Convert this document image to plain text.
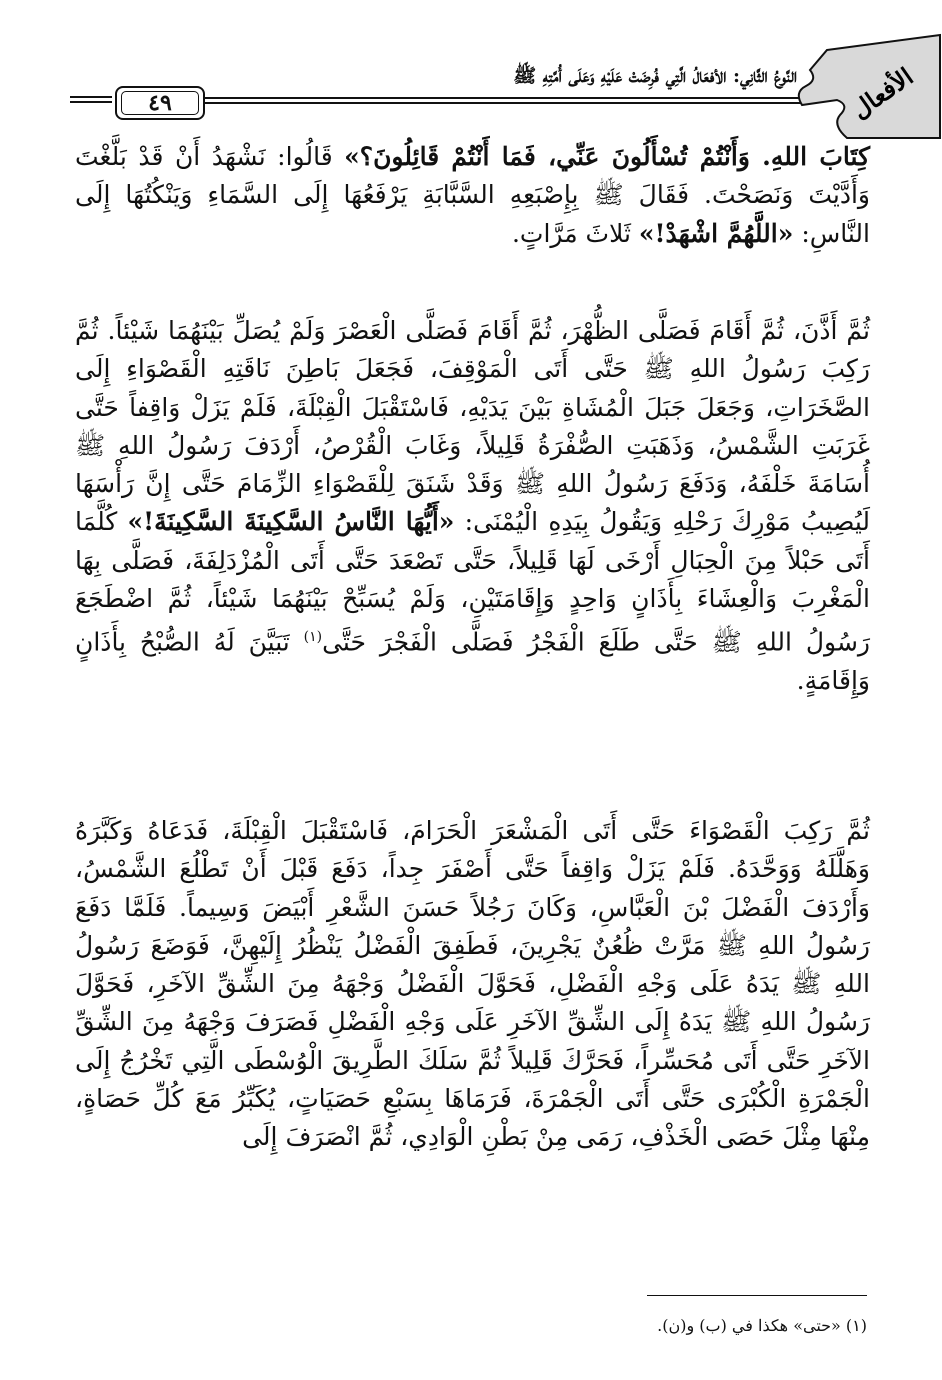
٤٩
النَّوعُ الثَّانِي: الأفعَالُ الَّتِي فُرِضَتْ عَلَيْهِ وَعَلَى أُمَّتِهِ ﷺ الأفعال

كِتَابَ اللهِ. وَأَنْتُمْ تُسْأَلُونَ عَنِّي، فَمَا أَنْتُمْ قَائِلُونَ؟» قَالُوا: نَشْهَدُ أَنْ قَدْ بَلَّغْتَ وَأَدَّيْتَ وَنَصَحْتَ. فَقَالَ ﷺ بِإِصْبَعِهِ السَّبَّابَةِ يَرْفَعُهَا إِلَى السَّمَاءِ وَيَنْكُتُهَا إِلَى النَّاسِ: «اللَّهُمَّ اشْهَدْ!» ثَلاثَ مَرَّاتٍ.

ثُمَّ أَذَّنَ، ثُمَّ أَقَامَ فَصَلَّى الظُّهْرَ، ثُمَّ أَقَامَ فَصَلَّى الْعَصْرَ وَلَمْ يُصَلِّ بَيْنَهُمَا شَيْئاً. ثُمَّ رَكِبَ رَسُولُ اللهِ ﷺ حَتَّى أَتَى الْمَوْقِفَ، فَجَعَلَ بَاطِنَ نَاقَتِهِ الْقَصْوَاءِ إِلَى الصَّخَرَاتِ، وَجَعَلَ جَبَلَ الْمُشَاةِ بَيْنَ يَدَيْهِ، فَاسْتَقْبَلَ الْقِبْلَةَ، فَلَمْ يَزَلْ وَاقِفاً حَتَّى غَرَبَتِ الشَّمْسُ، وَذَهَبَتِ الصُّفْرَةُ قَلِيلاً، وَغَابَ الْقُرْصُ، أَرْدَفَ رَسُولُ اللهِ ﷺ أُسَامَةَ خَلْفَهُ، وَدَفَعَ رَسُولُ اللهِ ﷺ وَقَدْ شَنَقَ لِلْقَصْوَاءِ الزِّمَامَ حَتَّى إِنَّ رَأْسَهَا لَيُصِيبُ مَوْرِكَ رَحْلِهِ وَيَقُولُ بِيَدِهِ الْيُمْنَى: «أَيُّهَا النَّاسُ السَّكِينَةَ السَّكِينَةَ!» كُلَّمَا أَتَى حَبْلاً مِنَ الْحِبَالِ أَرْخَى لَهَا قَلِيلاً، حَتَّى تَصْعَدَ حَتَّى أَتَى الْمُزْدَلِفَةَ، فَصَلَّى بِهَا الْمَغْرِبَ وَالْعِشَاءَ بِأَذَانٍ وَاحِدٍ وَإِقَامَتَيْنِ، وَلَمْ يُسَبِّحْ بَيْنَهُمَا شَيْئاً، ثُمَّ اضْطَجَعَ رَسُولُ اللهِ ﷺ حَتَّى طَلَعَ الْفَجْرُ فَصَلَّى الْفَجْرَ حَتَّى$^{(١)}$ تَبَيَّنَ لَهُ الصُّبْحُ بِأَذَانٍ وَإِقَامَةٍ.

ثُمَّ رَكِبَ الْقَصْوَاءَ حَتَّى أَتَى الْمَشْعَرَ الْحَرَامَ، فَاسْتَقْبَلَ الْقِبْلَةَ، فَدَعَاهُ وَكَبَّرَهُ وَهَلَّلَهُ وَوَحَّدَهُ. فَلَمْ يَزَلْ وَاقِفاً حَتَّى أَصْفَرَ جِداً، دَفَعَ قَبْلَ أَنْ تَطْلُعَ الشَّمْسُ، وَأَرْدَفَ الْفَضْلَ بْنَ الْعَبَّاسِ، وَكَانَ رَجُلاً حَسَنَ الشَّعْرِ أَبْيَضَ وَسِيماً. فَلَمَّا دَفَعَ رَسُولُ اللهِ ﷺ مَرَّتْ ظُعُنٌ يَجْرِينَ، فَطَفِقَ الْفَضْلُ يَنْظُرُ إِلَيْهِنَّ، فَوَضَعَ رَسُولُ اللهِ ﷺ يَدَهُ عَلَى وَجْهِ الْفَضْلِ، فَحَوَّلَ الْفَضْلُ وَجْهَهُ مِنَ الشِّقِّ الآخَرِ، فَحَوَّلَ رَسُولُ اللهِ ﷺ يَدَهُ إِلَى الشِّقِّ الآخَرِ عَلَى وَجْهِ الْفَضْلِ فَصَرَفَ وَجْهَهُ مِنَ الشِّقِّ الآخَرِ حَتَّى أَتَى مُحَسِّراً، فَحَرَّكَ قَلِيلاً ثُمَّ سَلَكَ الطَّرِيقَ الْوُسْطَى الَّتِي تَخْرُجُ إِلَى الْجَمْرَةِ الْكُبْرَى حَتَّى أَتَى الْجَمْرَةَ، فَرَمَاهَا بِسَبْعِ حَصَيَاتٍ، يُكَبِّرُ مَعَ كُلِّ حَصَاةٍ، مِنْهَا مِثْلَ حَصَى الْخَذْفِ، رَمَى مِنْ بَطْنِ الْوَادِي، ثُمَّ انْصَرَفَ إِلَى

(١) «حتى» هكذا في (ب) و(ن).
